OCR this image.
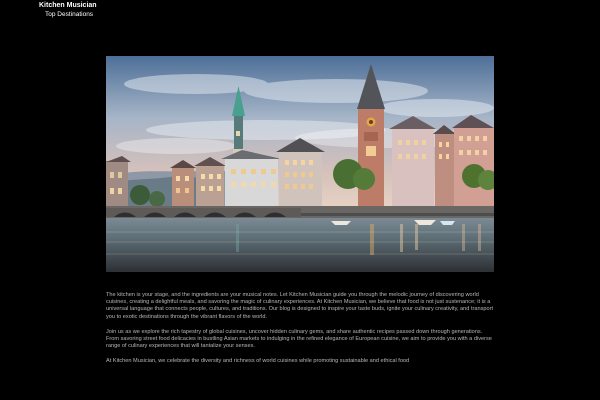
Kitchen Musician
Top Destinations

The kitchen is your stage, and the ingredients are your musical notes. Let Kitchen Musician guide you through the melodic journey of discovering world cuisines, creating a delightful meals, and savoring the magic of culinary experiences. At Kitchen Musician, we believe that food is not just sustenance; it is a universal language that connects people, cultures, and traditions. Our blog is designed to inspire your taste buds, ignite your culinary creativity, and transport you to exotic destinations through the vibrant flavors of the world.

Join us as we explore the rich tapestry of global cuisines, uncover hidden culinary gems, and share authentic recipes passed down through generations. From savoring street food delicacies in bustling Asian markets to indulging in the refined elegance of European cuisine, we aim to provide you with a diverse range of culinary experiences that will tantalize your senses.

At Kitchen Musician, we celebrate the diversity and richness of world cuisines while promoting sustainable and ethical food
